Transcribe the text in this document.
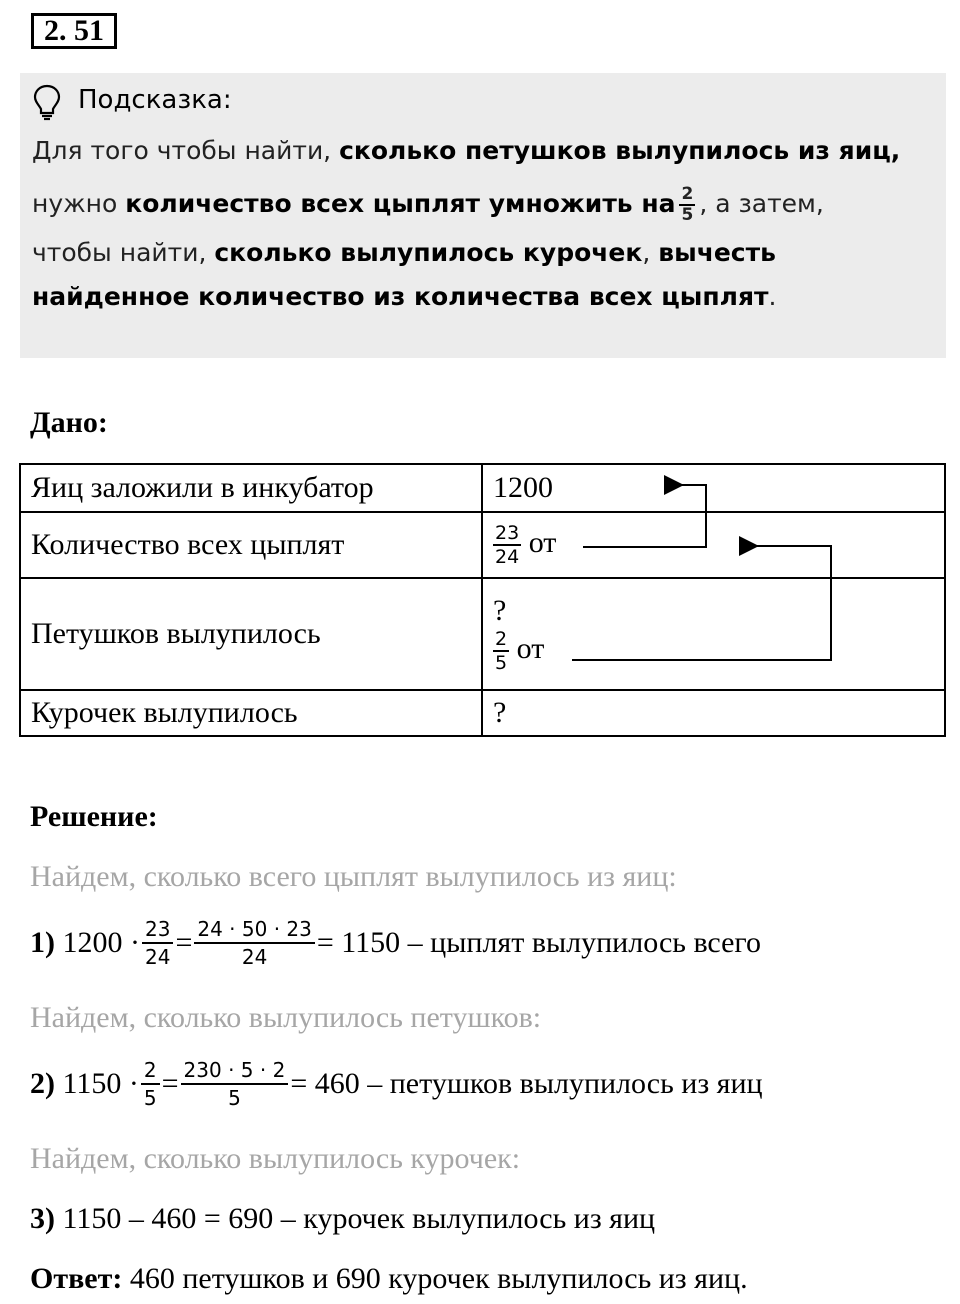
2. 51
Подсказка:
Для того чтобы найти, сколько петушков вылупилось из яиц,
нужно количество всех цыплят умножить на $\frac{2}{5}$ , а затем,
чтобы найти, сколько вылупилось курочек, вычесть
найденное количество из количества всех цыплят.
Дано:
Яиц заложили в инкубатор	1200
Количество всех цыплят	$\frac{23}{24}$ от
Петушков вылупилось	?
$\frac{2}{5}$ от

Курочек вылупилось	?
Решение:
Найдем, сколько всего цыплят вылупилось из яиц:
1)
$1200 \cdot \frac{23}{24} = \frac{24 \cdot 50 \cdot 23}{24} = 1150$ – цыплят вылупилось всего
Найдем, сколько вылупилось петушков:
2)
$1150 \cdot \frac{2}{5} = \frac{230 \cdot 5 \cdot 2}{5} = 460$ – петушков вылупилось из яиц
Найдем, сколько вылупилось курочек:
3)
1150 – 460 = 690 – курочек вылупилось из яиц
Ответ: 460 петушков и 690 курочек вылупилось из яиц.
